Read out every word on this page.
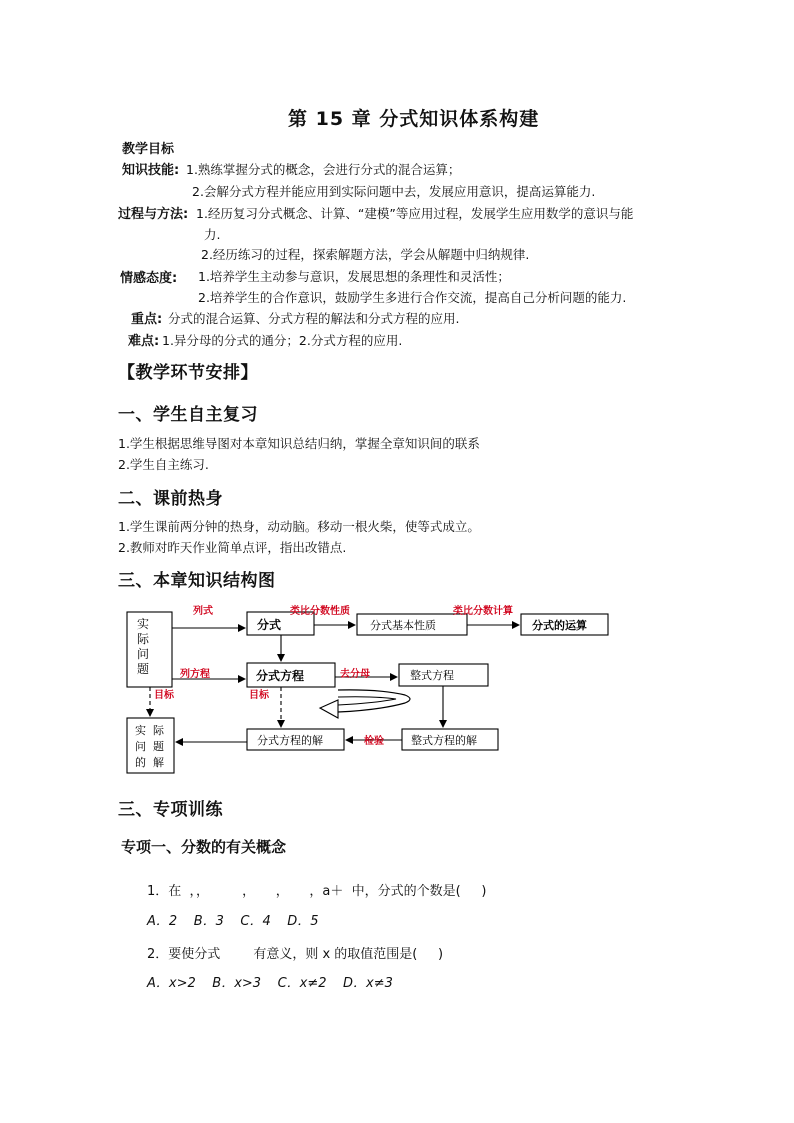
第 15 章 分式知识体系构建
教学目标
知识技能: 1.熟练掌握分式的概念，会进行分式的混合运算；
2.会解分式方程并能应用到实际问题中去，发展应用意识，提高运算能力.
过程与方法: 1.经历复习分式概念、计算、“建模”等应用过程，发展学生应用数学的意识与能
力.
2.经历练习的过程，探索解题方法，学会从解题中归纳规律.
情感态度: 1.培养学生主动参与意识，发展思想的条理性和灵活性；
2.培养学生的合作意识，鼓励学生多进行合作交流，提高自己分析问题的能力.
重点: 分式的混合运算、分式方程的解法和分式方程的应用.
难点: 1.异分母的分式的通分；2.分式方程的应用.
【教学环节安排】
一、学生自主复习
1.学生根据思维导图对本章知识总结归纳，掌握全章知识间的联系
2.学生自主练习.
二、课前热身
1.学生课前两分钟的热身，动动脑。移动一根火柴，使等式成立。
2.教师对昨天作业简单点评，指出改错点.
三、本章知识结构图
实
际
问
题
分式	分式基本性质	分式的运算
分式方程	整式方程
分式方程的解	整式方程的解
实  际
问  题
的  解
列式	类比分数性质	类比分数计算
列方程	去分母
目标	目标
检验
三、专项训练
专项一、分数的有关概念
1．在  ，，        ，     ，     ，a＋  中，分式的个数是(     )
A．2    B．3    C．4    D．5
2．要使分式        有意义，则 x 的取值范围是(     )
A．x>2    B．x>3    C．x≠2    D．x≠3
